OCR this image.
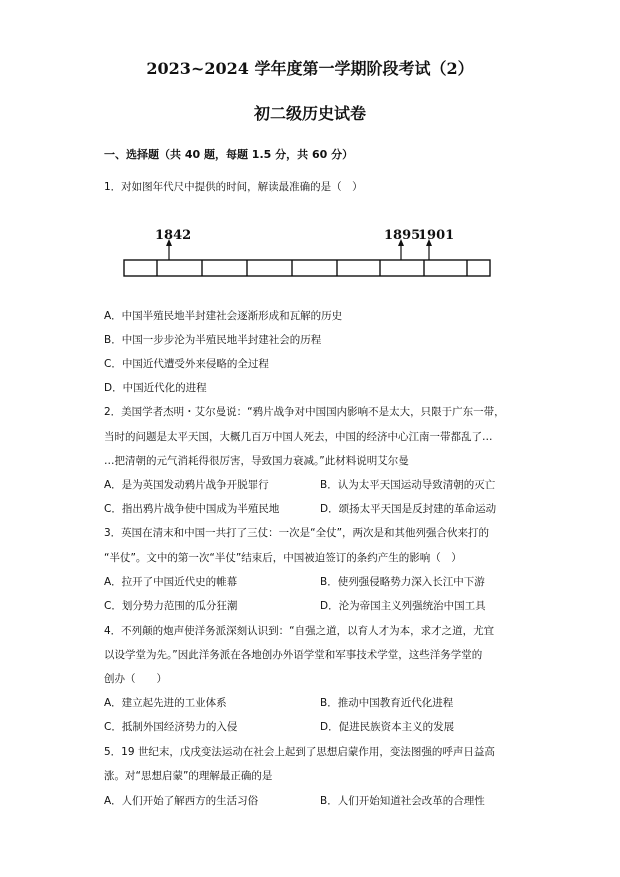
2023~2024 学年度第一学期阶段考试（2）
初二级历史试卷
一、选择题（共 40 题，每题 1.5 分，共 60 分）
1．对如图年代尺中提供的时间，解读最准确的是（　）
1842	1895
1901
A．中国半殖民地半封建社会逐渐形成和瓦解的历史
B．中国一步步沦为半殖民地半封建社会的历程
C．中国近代遭受外来侵略的全过程
D．中国近代化的进程
2．美国学者杰明・艾尔曼说：“鸦片战争对中国国内影响不是太大，只限于广东一带，
当时的问题是太平天国，大概几百万中国人死去，中国的经济中心江南一带都乱了…
…把清朝的元气消耗得很厉害，导致国力衰减。”此材料说明艾尔曼
A．是为英国发动鸦片战争开脱罪行	B．认为太平天国运动导致清朝的灭亡
C．指出鸦片战争使中国成为半殖民地	D．颂扬太平天国是反封建的革命运动
3．英国在清末和中国一共打了三仗：一次是“全仗”，两次是和其他列强合伙来打的
“半仗”。文中的第一次“半仗”结束后，中国被迫签订的条约产生的影响（　）
A．拉开了中国近代史的帷幕	B．使列强侵略势力深入长江中下游
C．划分势力范围的瓜分狂潮	D．沦为帝国主义列强统治中国工具
4．不列颠的炮声使洋务派深刻认识到：“自强之道，以育人才为本，求才之道，尤宜
以设学堂为先。”因此洋务派在各地创办外语学堂和军事技术学堂，这些洋务学堂的
创办（　　）
A．建立起先进的工业体系	B．推动中国教育近代化进程
C．抵制外国经济势力的入侵	D．促进民族资本主义的发展
5．19 世纪末，戊戌变法运动在社会上起到了思想启蒙作用，变法图强的呼声日益高
涨。对“思想启蒙”的理解最正确的是
A．人们开始了解西方的生活习俗	B．人们开始知道社会改革的合理性
